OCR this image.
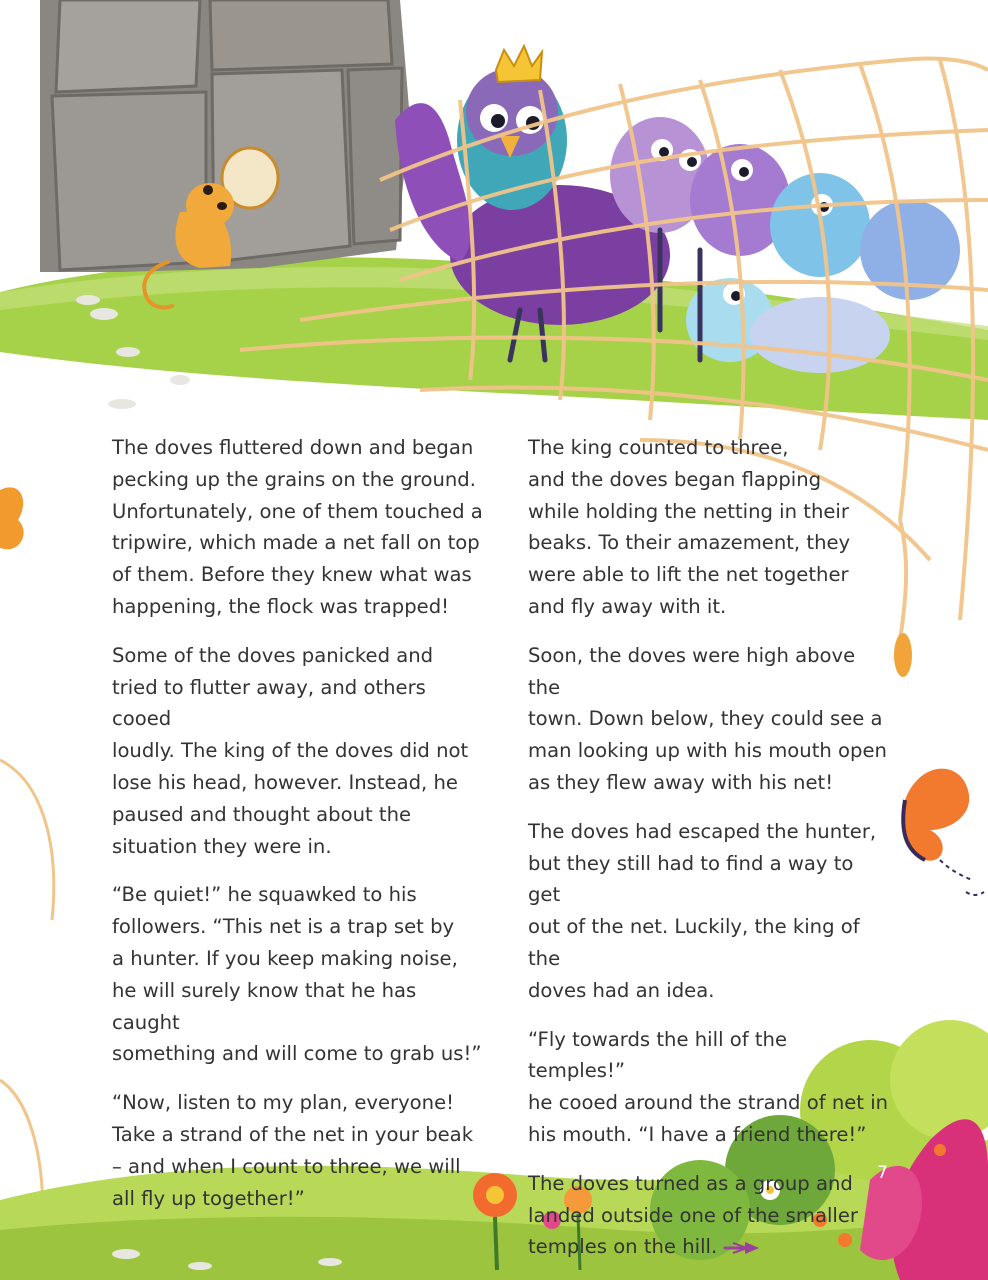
The doves fluttered down and began
pecking up the grains on the ground.
Unfortunately, one of them touched a
tripwire, which made a net fall on top
of them. Before they knew what was
happening, the flock was trapped!

Some of the doves panicked and
tried to flutter away, and others cooed
loudly. The king of the doves did not
lose his head, however. Instead, he
paused and thought about the
situation they were in.

“Be quiet!” he squawked to his
followers. “This net is a trap set by
a hunter. If you keep making noise,
he will surely know that he has caught
something and will come to grab us!”

“Now, listen to my plan, everyone!
Take a strand of the net in your beak
– and when I count to three, we will
all fly up together!”

The king counted to three,
and the doves began flapping
while holding the netting in their
beaks. To their amazement, they
were able to lift the net together
and fly away with it.

Soon, the doves were high above the
town. Down below, they could see a
man looking up with his mouth open
as they flew away with his net!

The doves had escaped the hunter,
but they still had to find a way to get
out of the net. Luckily, the king of the
doves had an idea.

“Fly towards the hill of the temples!”
he cooed around the strand of net in
his mouth. “I have a friend there!”

The doves turned as a group and
landed outside one of the smaller
temples on the hill.

7
